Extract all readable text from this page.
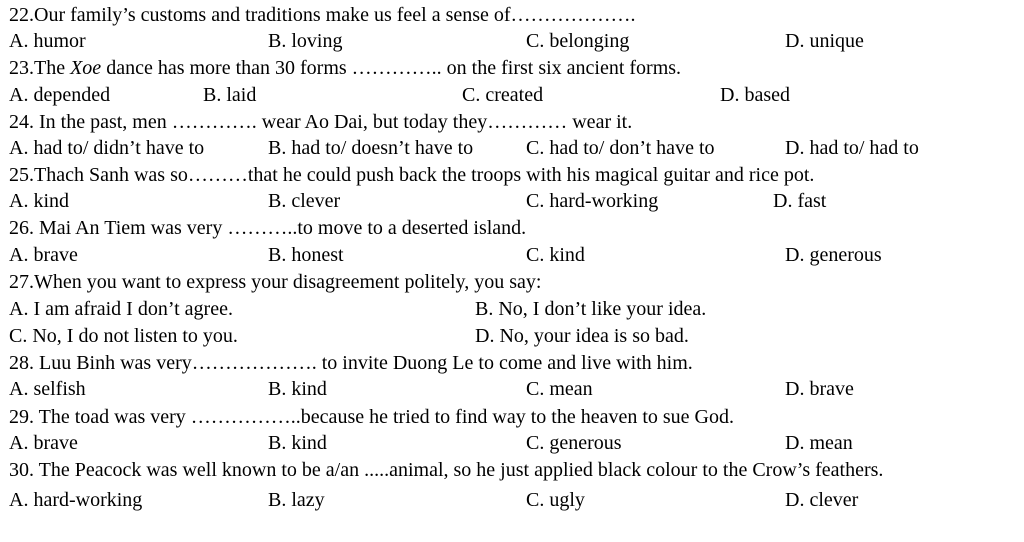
22.Our family’s customs and traditions make us feel a sense of……………….
A. humor	B. loving	C. belonging	D. unique
23.The Xoe dance has more than 30 forms ………….. on the first six ancient forms.
A. depended	B. laid	C. created	D. based
24. In the past, men …………. wear Ao Dai, but today they………… wear it.
A. had to/ didn’t have to	B. had to/ doesn’t have to	C. had to/ don’t have to	D. had to/ had to
25.Thach Sanh was so………that he could push back the troops with his magical guitar and rice pot.
A. kind	B. clever	C. hard-working	D. fast
26. Mai An Tiem was very ………..to move to a deserted island.
A. brave	B. honest	C. kind	D. generous
27.When you want to express your disagreement politely, you say:
A. I am afraid I don’t agree.	B. No, I don’t like your idea.
C. No, I do not listen to you.	D. No, your idea is so bad.
28. Luu Binh was very………………. to invite Duong Le to come and live with him.
A. selfish	B. kind	C. mean	D. brave
29. The toad was very ……………..because he tried to find way to the heaven to sue God.
A. brave	B. kind	C. generous	D. mean
30. The Peacock was well known to be a/an .....animal, so he just applied black colour to the Crow’s feathers.
A. hard-working	B. lazy	C. ugly	D. clever
